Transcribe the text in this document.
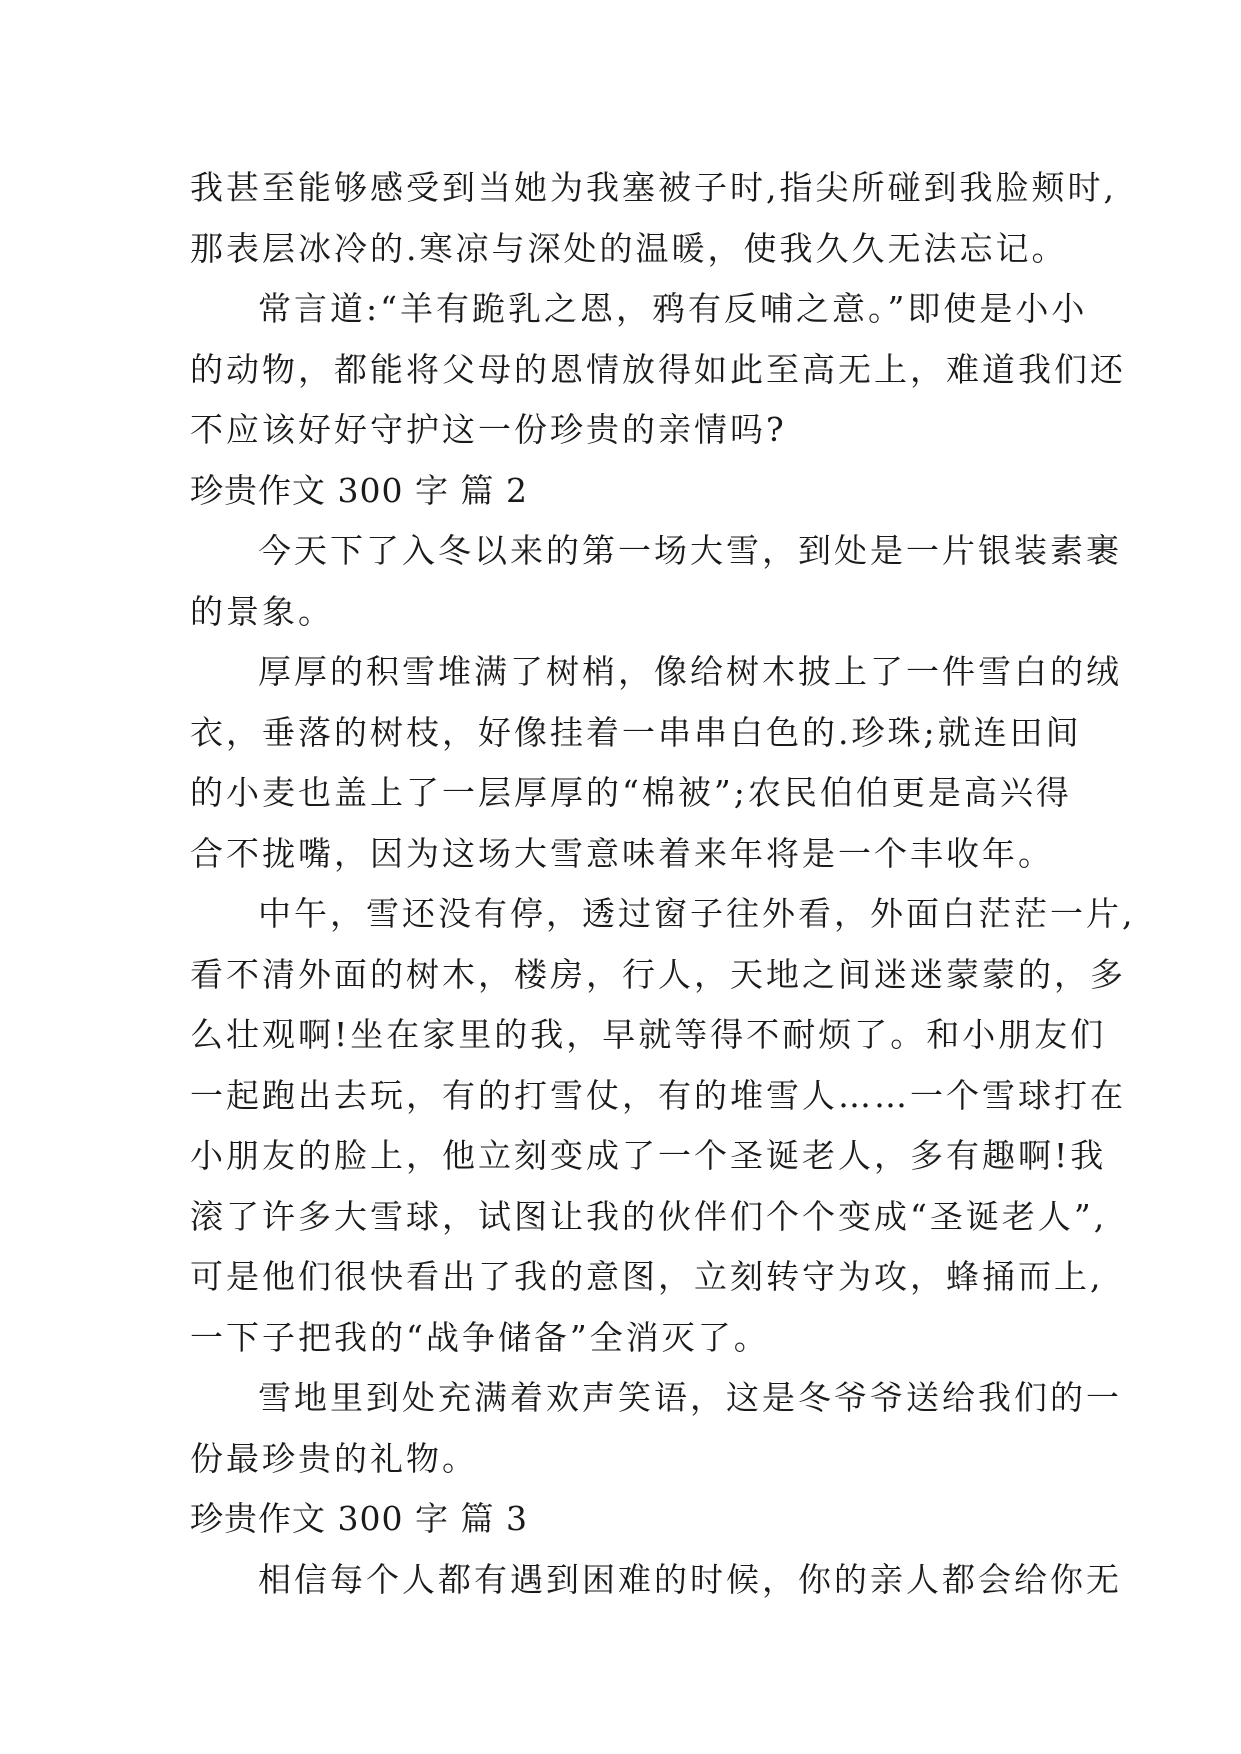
我甚至能够感受到当她为我塞被子时,指尖所碰到我脸颊时,
那表层冰冷的.寒凉与深处的温暖，使我久久无法忘记。
常言道:“羊有跪乳之恩，鸦有反哺之意。”即使是小小
的动物，都能将父母的恩情放得如此至高无上，难道我们还
不应该好好守护这一份珍贵的亲情吗?
珍贵作文 300 字 篇 2
今天下了入冬以来的第一场大雪，到处是一片银装素裹
的景象。
厚厚的积雪堆满了树梢，像给树木披上了一件雪白的绒
衣，垂落的树枝，好像挂着一串串白色的.珍珠;就连田间
的小麦也盖上了一层厚厚的“棉被”;农民伯伯更是高兴得
合不拢嘴，因为这场大雪意味着来年将是一个丰收年。
中午，雪还没有停，透过窗子往外看，外面白茫茫一片,
看不清外面的树木，楼房，行人，天地之间迷迷蒙蒙的，多
么壮观啊!坐在家里的我，早就等得不耐烦了。和小朋友们
一起跑出去玩，有的打雪仗，有的堆雪人……一个雪球打在
小朋友的脸上，他立刻变成了一个圣诞老人，多有趣啊!我
滚了许多大雪球，试图让我的伙伴们个个变成“圣诞老人”,
可是他们很快看出了我的意图，立刻转守为攻，蜂捅而上,
一下子把我的“战争储备”全消灭了。
雪地里到处充满着欢声笑语，这是冬爷爷送给我们的一
份最珍贵的礼物。
珍贵作文 300 字 篇 3
相信每个人都有遇到困难的时候，你的亲人都会给你无
